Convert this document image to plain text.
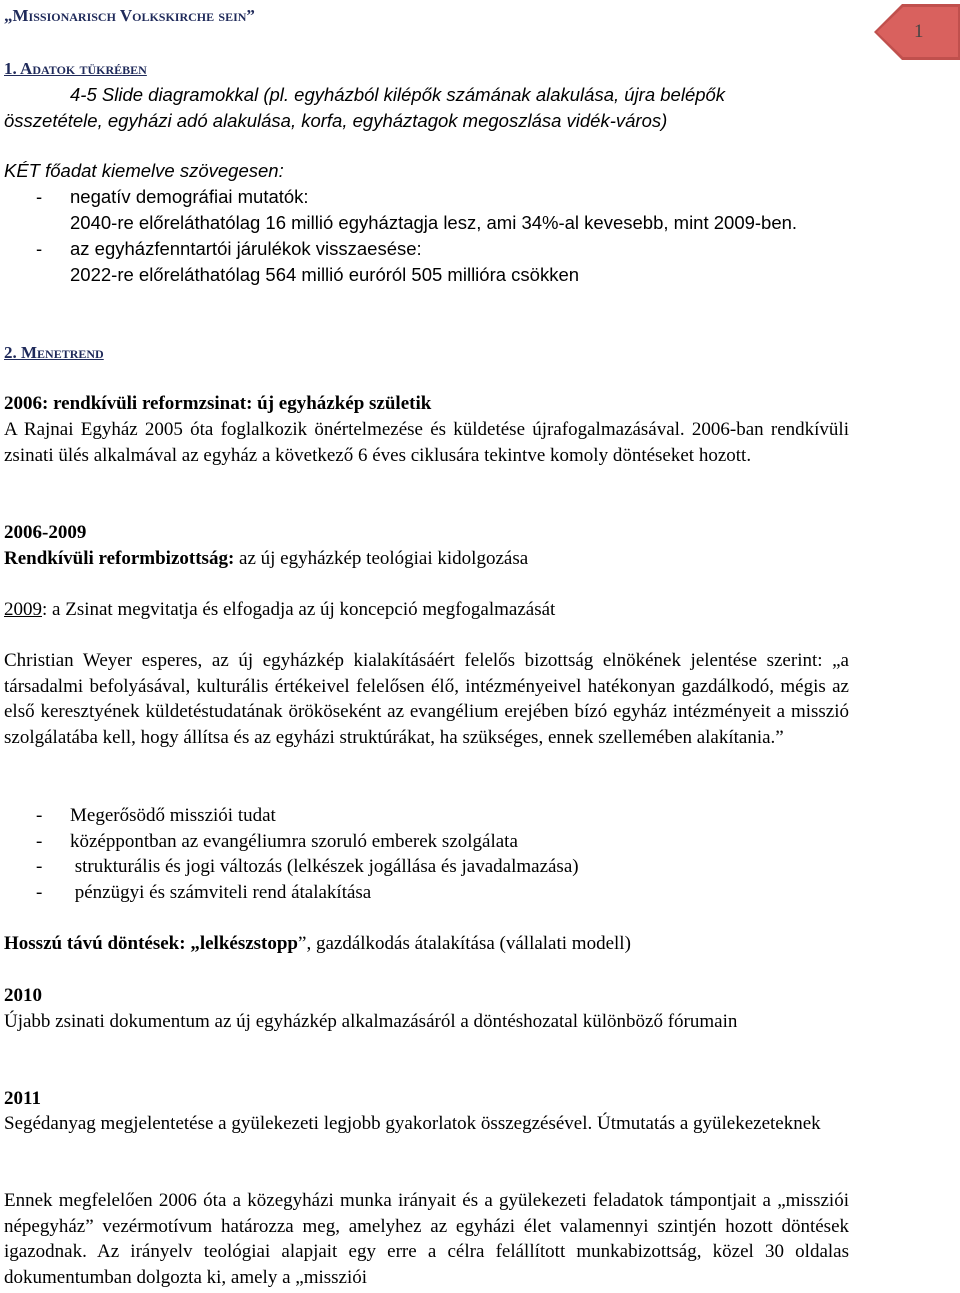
1
„Missionarisch Volkskirche sein”
1. Adatok tükrében
4-5 Slide diagramokkal (pl. egyházból kilépők számának alakulása, újra belépők
összetétele, egyházi adó alakulása, korfa, egyháztagok megoszlása vidék-város)
KÉT főadat kiemelve szövegesen:
- negatív demográfiai mutatók:
2040-re előreláthatólag 16 millió egyháztagja lesz, ami 34%-al kevesebb, mint 2009-ben.
- az egyházfenntartói járulékok visszaesése:
2022-re előreláthatólag 564 millió euróról 505 millióra csökken
2. Menetrend
2006: rendkívüli reformzsinat: új egyházkép születik
A Rajnai Egyház 2005 óta foglalkozik önértelmezése és küldetése újrafogalmazásával. 2006-ban rendkívüli zsinati ülés alkalmával az egyház a következő 6 éves ciklusára tekintve komoly döntéseket hozott.
2006-2009
Rendkívüli reformbizottság: az új egyházkép teológiai kidolgozása
2009: a Zsinat megvitatja és elfogadja az új koncepció megfogalmazását
Christian Weyer esperes, az új egyházkép kialakításáért felelős bizottság elnökének jelentése szerint: „a társadalmi befolyásával, kulturális értékeivel felelősen élő, intézményeivel hatékonyan gazdálkodó, mégis az első keresztyének küldetéstudatának örököseként az evangélium erejében bízó egyház intézményeit a misszió szolgálatába kell, hogy állítsa és az egyházi struktúrákat, ha szükséges, ennek szellemében alakítania.”
- Megerősödő missziói tudat
- középpontban az evangéliumra szoruló emberek szolgálata
-  strukturális és jogi változás (lelkészek jogállása és javadalmazása)
-  pénzügyi és számviteli rend átalakítása
Hosszú távú döntések: „lelkészstopp”, gazdálkodás átalakítása (vállalati modell)
2010
Újabb zsinati dokumentum az új egyházkép alkalmazásáról a döntéshozatal különböző fórumain
2011
Segédanyag megjelentetése a gyülekezeti legjobb gyakorlatok összegzésével. Útmutatás a gyülekezeteknek
Ennek megfelelően 2006 óta a közegyházi munka irányait és a gyülekezeti feladatok támpontjait a „missziói népegyház” vezérmotívum határozza meg, amelyhez az egyházi élet valamennyi szintjén hozott döntések igazodnak. Az irányelv teológiai alapjait egy erre a célra felállított munkabizottság, közel 30 oldalas dokumentumban dolgozta ki, amely a „missziói
